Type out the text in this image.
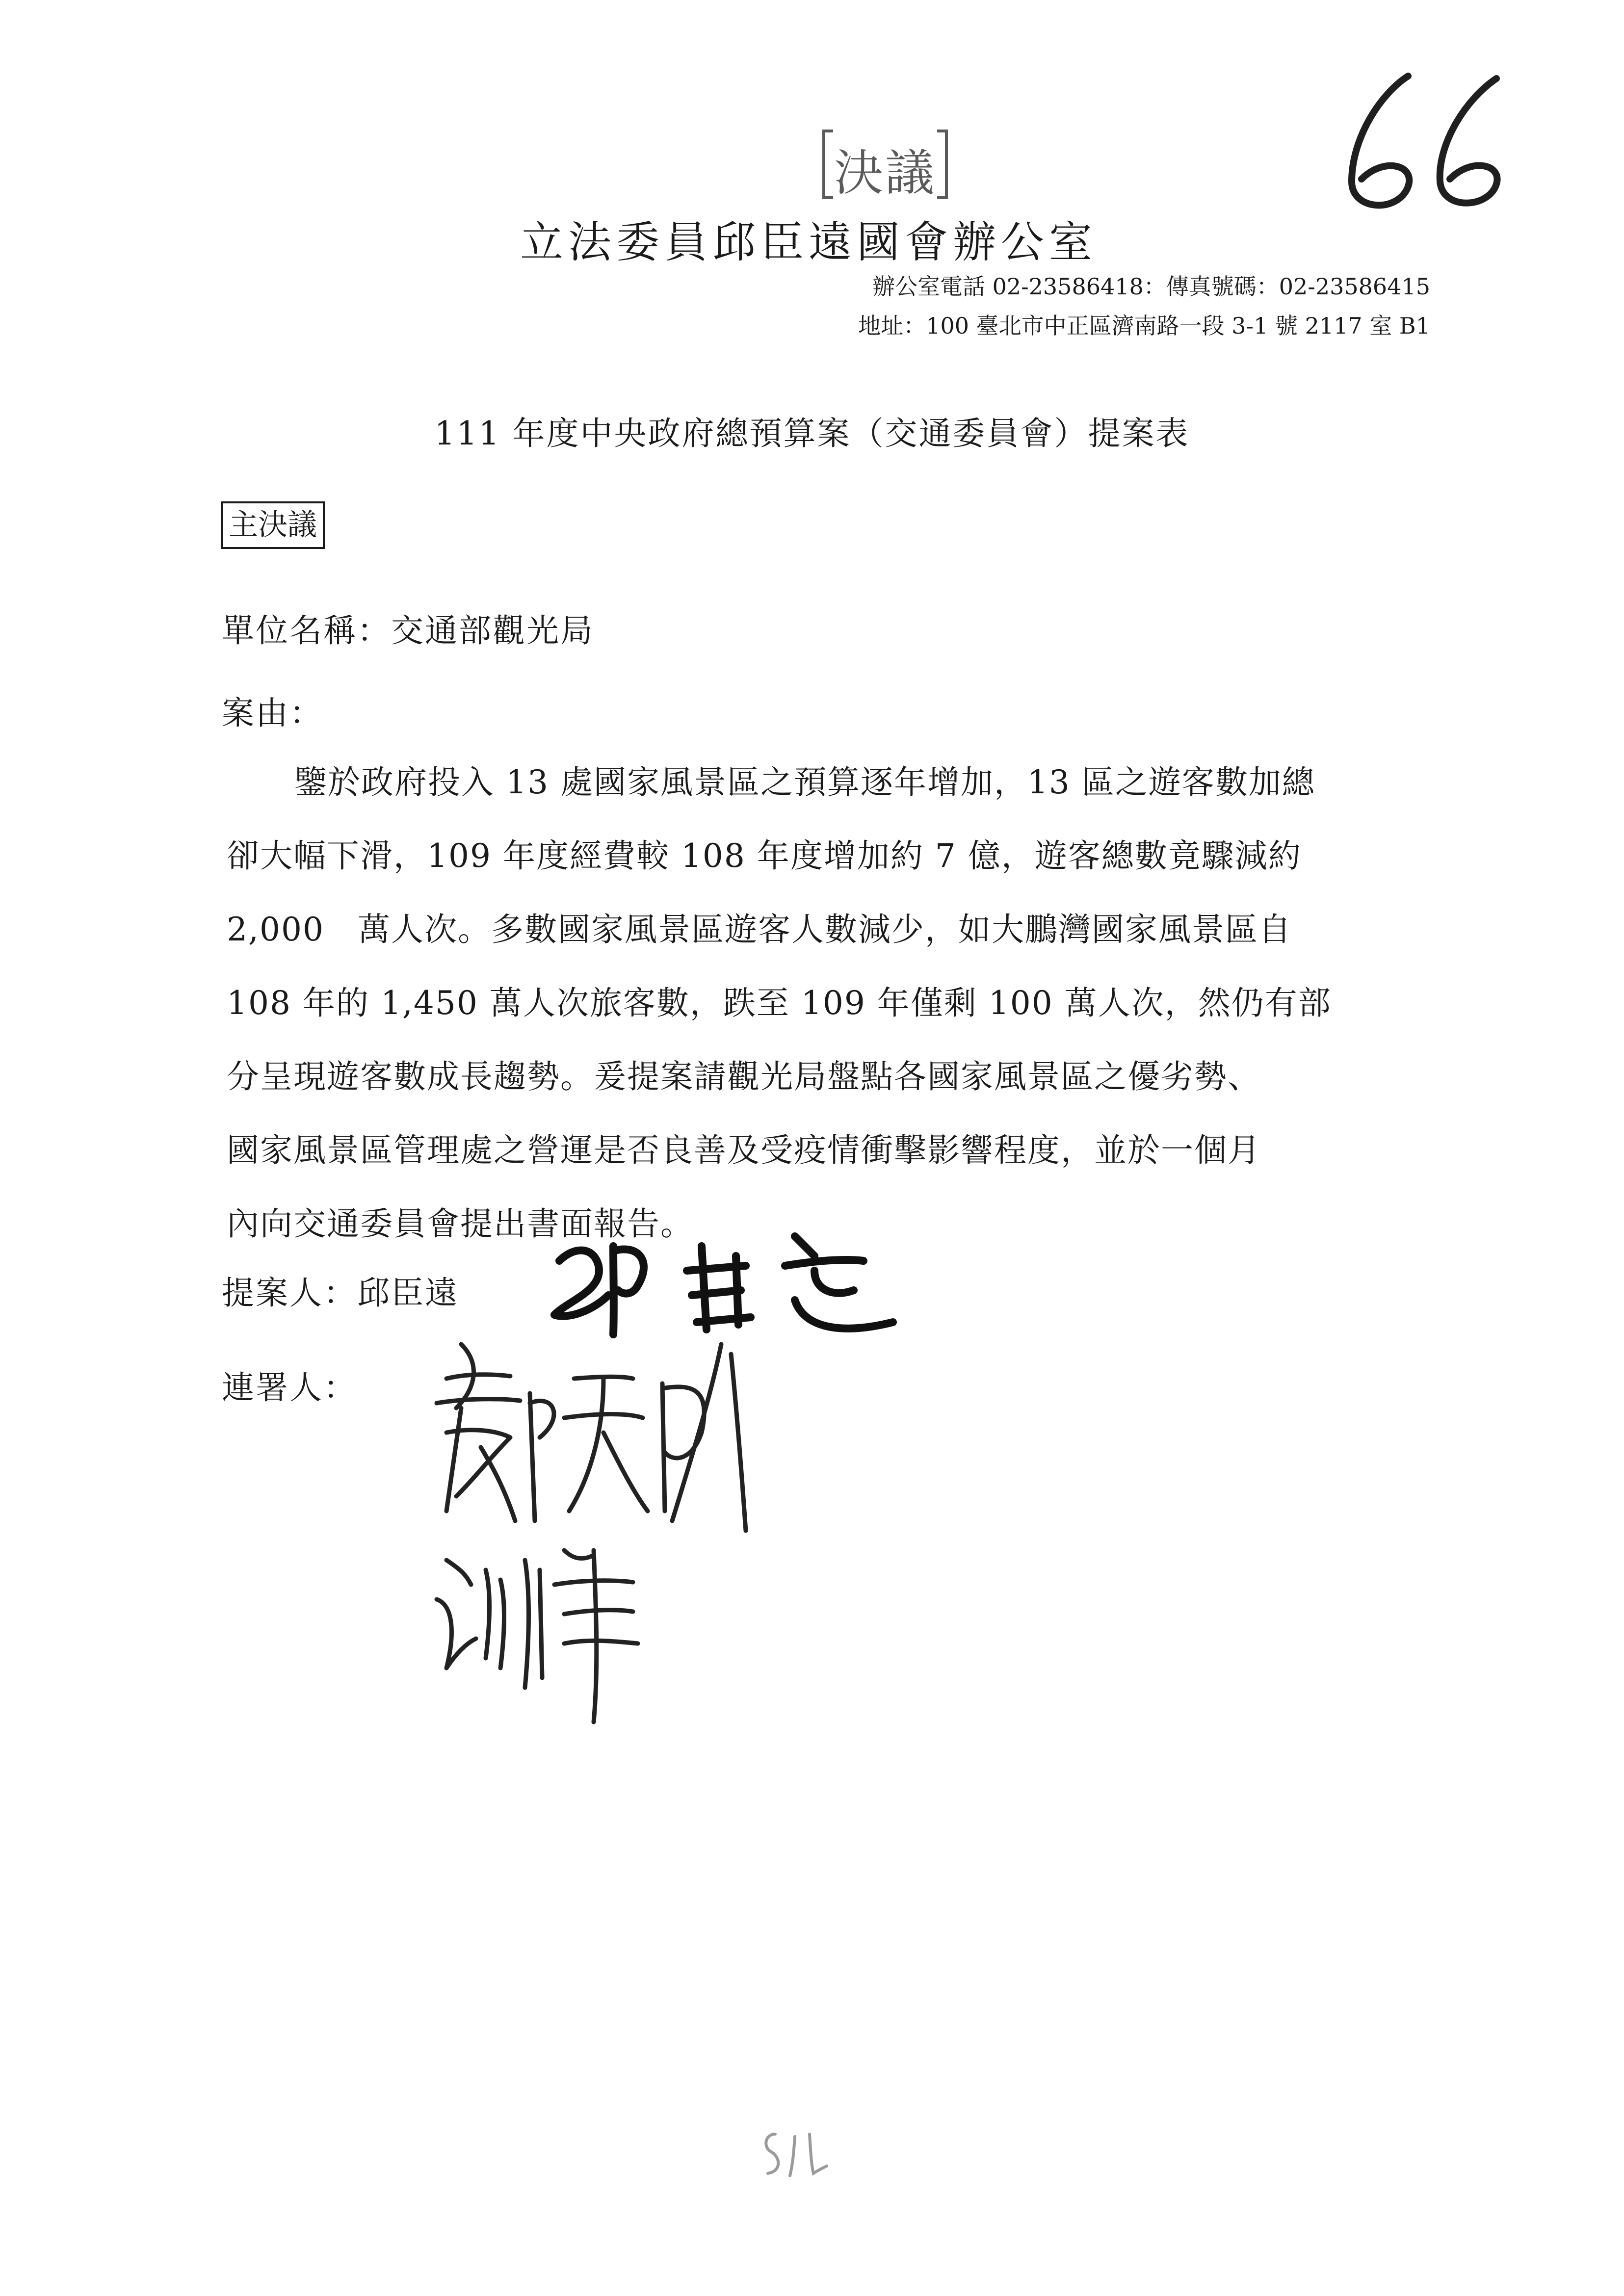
決議
立法委員邱臣遠國會辦公室
辦公室電話 02-23586418：傳真號碼：02-23586415
地址：100 臺北市中正區濟南路一段 3-1 號 2117 室 B1
111 年度中央政府總預算案（交通委員會）提案表
主決議
單位名稱：交通部觀光局
案由：
鑒於政府投入 13 處國家風景區之預算逐年增加，13 區之遊客數加總
卻大幅下滑，109 年度經費較 108 年度增加約 7 億，遊客總數竟驟減約
2,000　萬人次。多數國家風景區遊客人數減少，如大鵬灣國家風景區自
108 年的 1,450 萬人次旅客數，跌至 109 年僅剩 100 萬人次，然仍有部
分呈現遊客數成長趨勢。爰提案請觀光局盤點各國家風景區之優劣勢、
國家風景區管理處之營運是否良善及受疫情衝擊影響程度，並於一個月
內向交通委員會提出書面報告。
提案人：邱臣遠
連署人：
